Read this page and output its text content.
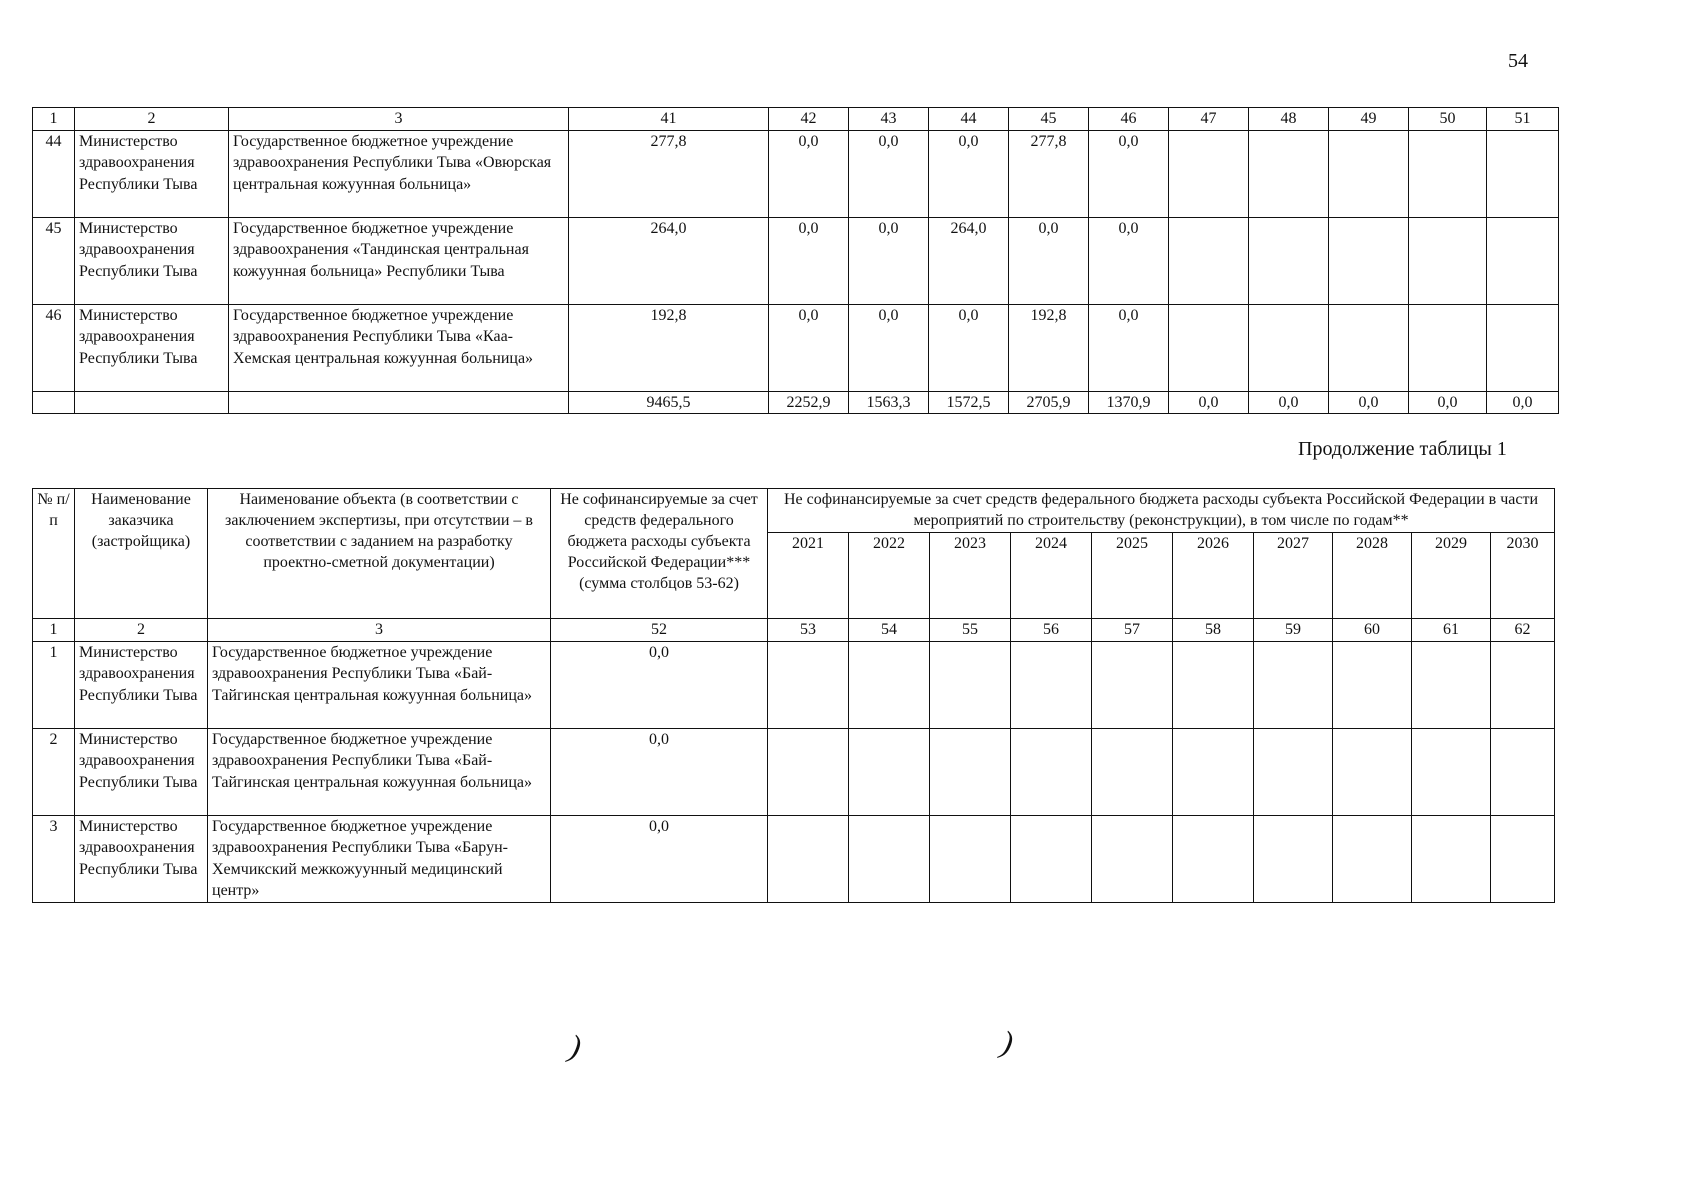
54
1	2	3	41	42	43	44	45	46	47	48	49	50	51
44	Министерство здравоохранения Республики Тыва	Государственное бюджетное учреждение здравоохранения Республики Тыва «Овюрская центральная кожуунная больница»	277,8	0,0	0,0	0,0	277,8	0,0					
45	Министерство здравоохранения Республики Тыва	Государственное бюджетное учреждение здравоохранения «Тандинская центральная кожуунная больница» Республики Тыва	264,0	0,0	0,0	264,0	0,0	0,0					
46	Министерство здравоохранения Республики Тыва	Государственное бюджетное учреждение здравоохранения Республики Тыва «Каа-Хемская центральная кожуунная больница»	192,8	0,0	0,0	0,0	192,8	0,0					
			9465,5	2252,9	1563,3	1572,5	2705,9	1370,9	0,0	0,0	0,0	0,0	0,0
Продолжение таблицы 1
№ п/п	Наименование заказчика (застройщика)	Наименование объекта (в соответствии с заключением экспертизы, при отсутствии – в соответствии с заданием на разработку проектно-сметной документации)	Не софинансируемые за счет средств федерального бюджета расходы субъекта Российской Федерации*** (сумма столбцов 53-62)	Не софинансируемые за счет средств федерального бюджета расходы субъекта Российской Федерации в части мероприятий по строительству (реконструкции), в том числе по годам**									
				2021	2022	2023	2024	2025	2026	2027	2028	2029	2030
1	2	3	52	53	54	55	56	57	58	59	60	61	62
1	Министерство здравоохранения Республики Тыва	Государственное бюджетное учреждение здравоохранения Республики Тыва «Бай-Тайгинская центральная кожуунная больница»	0,0										
2	Министерство здравоохранения Республики Тыва	Государственное бюджетное учреждение здравоохранения Республики Тыва «Бай-Тайгинская центральная кожуунная больница»	0,0										
3	Министерство здравоохранения Республики Тыва	Государственное бюджетное учреждение здравоохранения Республики Тыва «Барун-Хемчикский межкожуунный медицинский центр»	0,0										
)	)
